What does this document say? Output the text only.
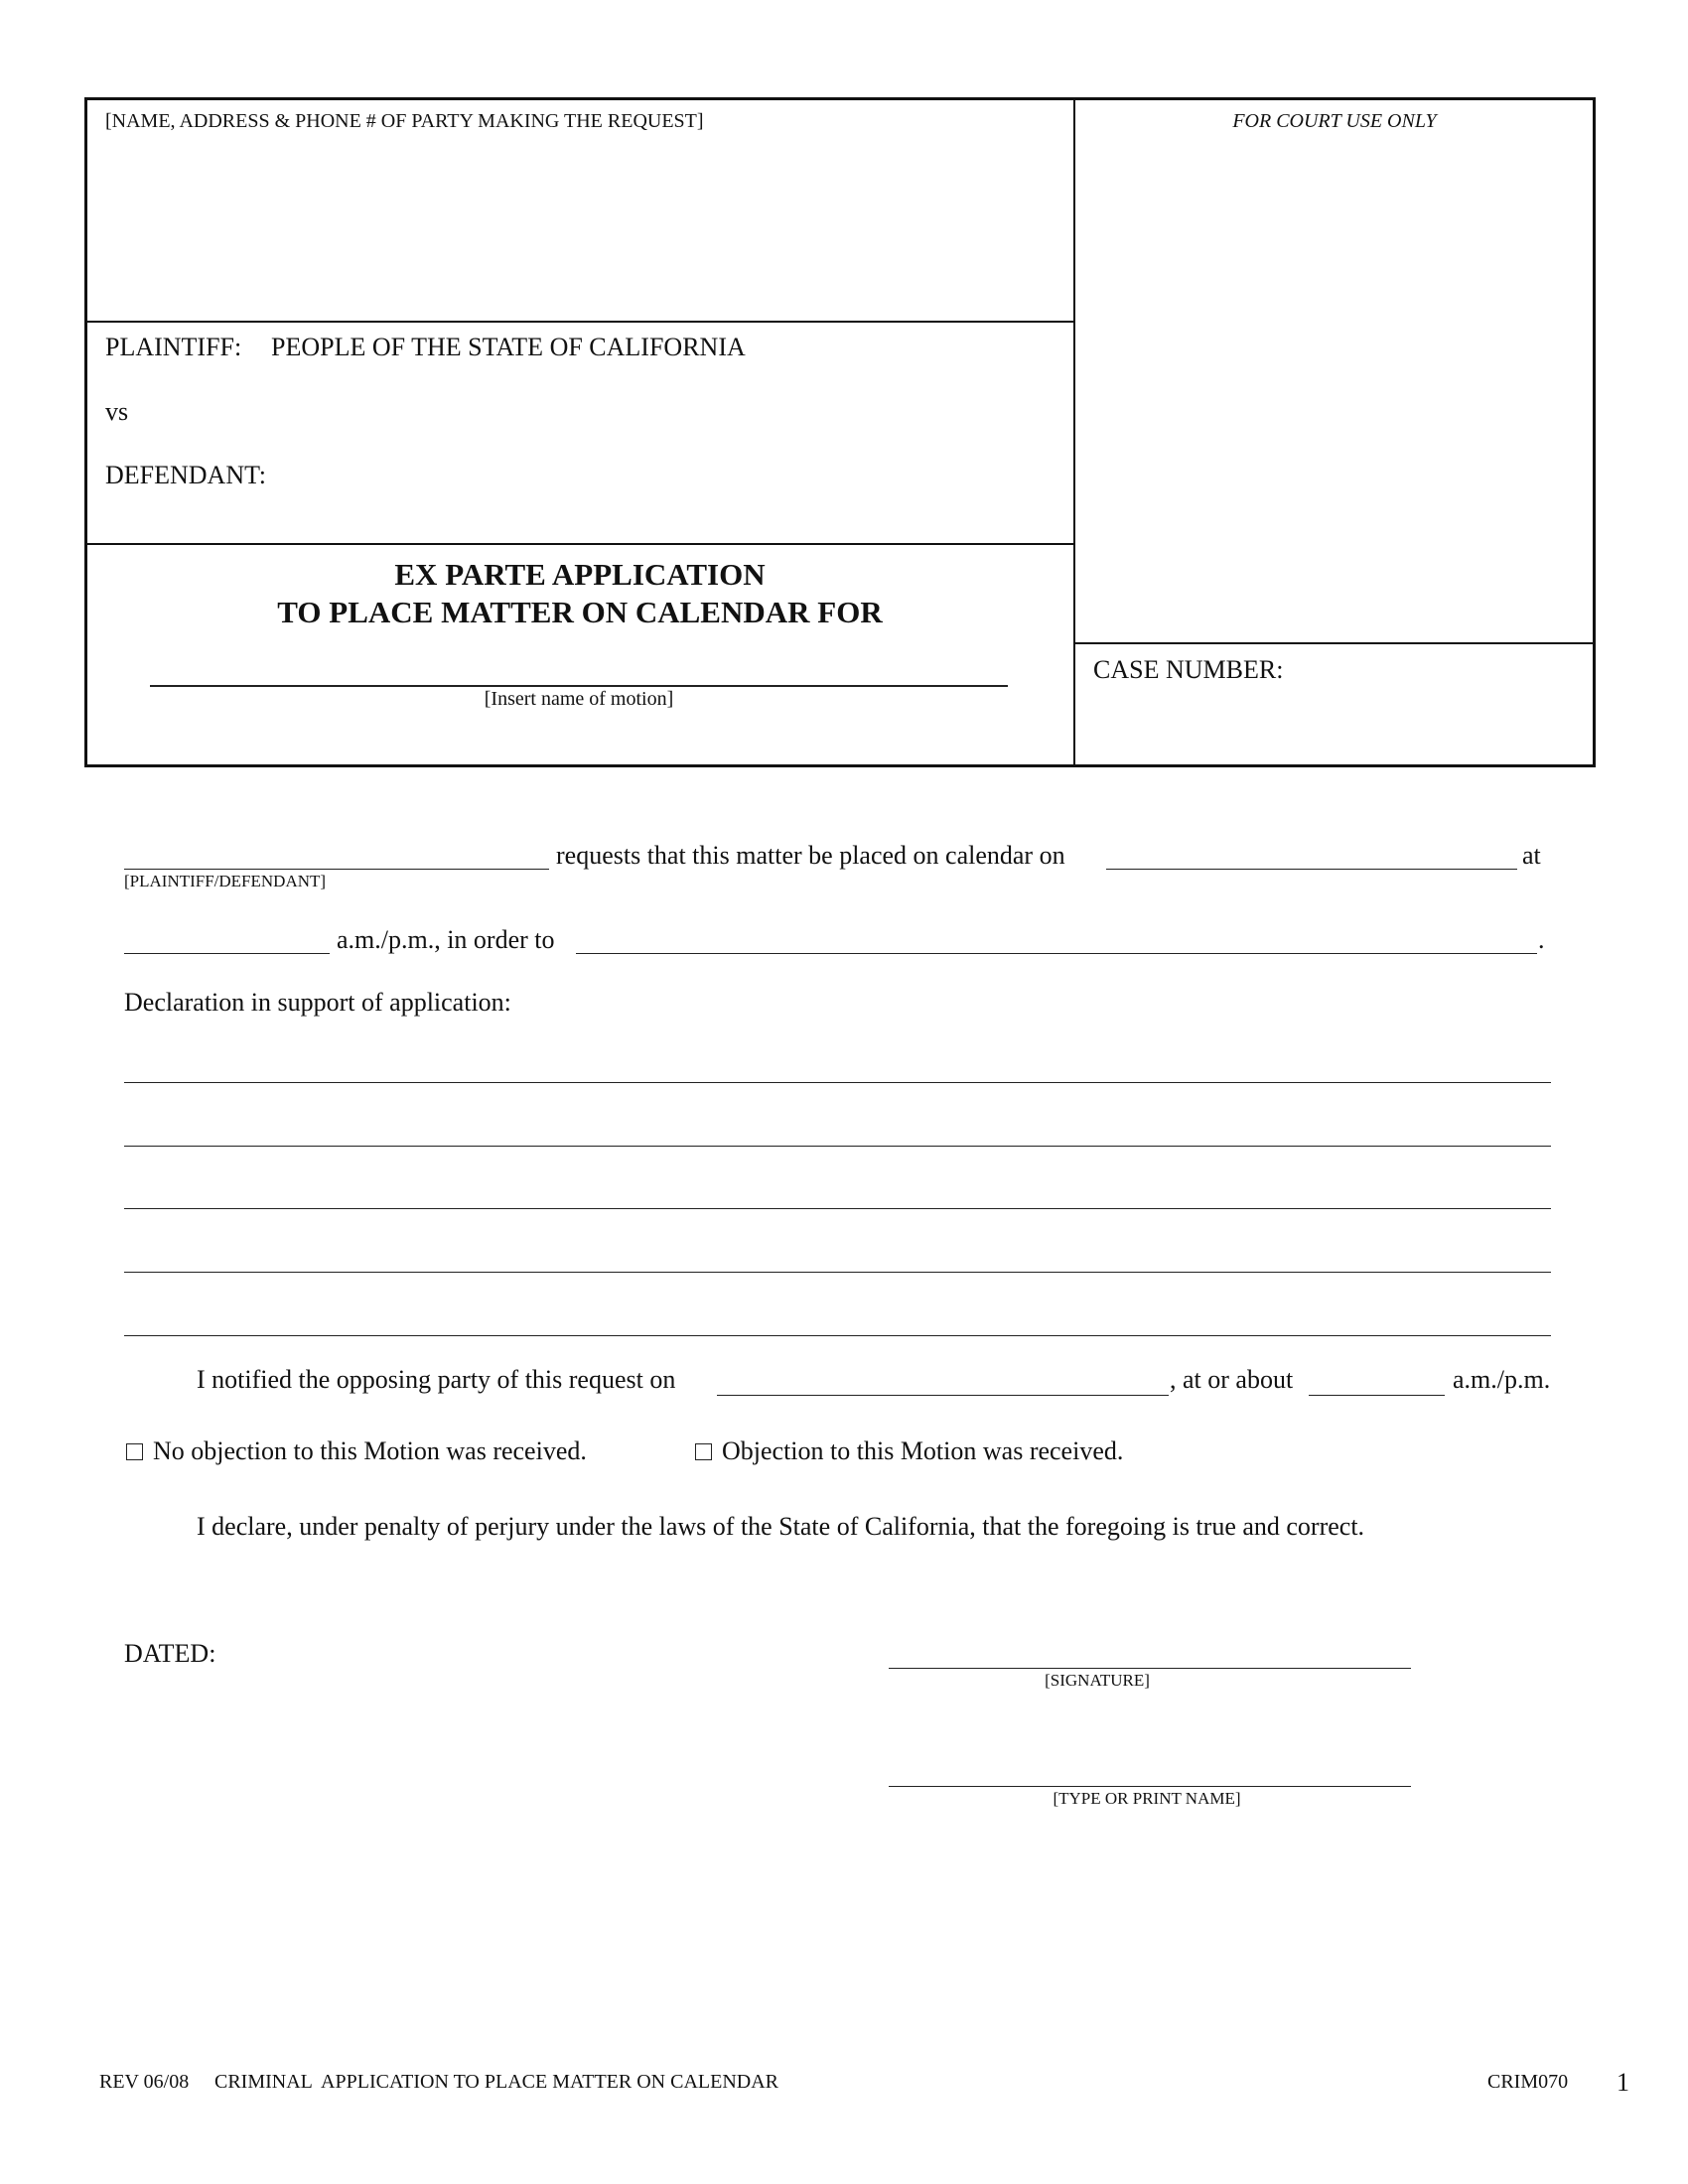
[NAME, ADDRESS & PHONE # OF PARTY MAKING THE REQUEST]	FOR COURT USE ONLY
PLAINTIFF: PEOPLE OF THE STATE OF CALIFORNIA
vs
DEFENDANT:
EX PARTE APPLICATION
TO PLACE MATTER ON CALENDAR FOR
[Insert name of motion]
CASE NUMBER:
[PLAINTIFF/DEFENDANT]
requests that this matter be placed on calendar on	at
a.m./p.m., in order to	.
Declaration in support of application:
I notified the opposing party of this request on	, at or about	a.m./p.m.
No objection to this Motion was received.	Objection to this Motion was received.
I declare, under penalty of perjury under the laws of the State of California, that the foregoing is true and correct.
DATED:
[SIGNATURE]
[TYPE OR PRINT NAME]
REV 06/08 CRIMINAL  APPLICATION TO PLACE MATTER ON CALENDAR	CRIM070 1
